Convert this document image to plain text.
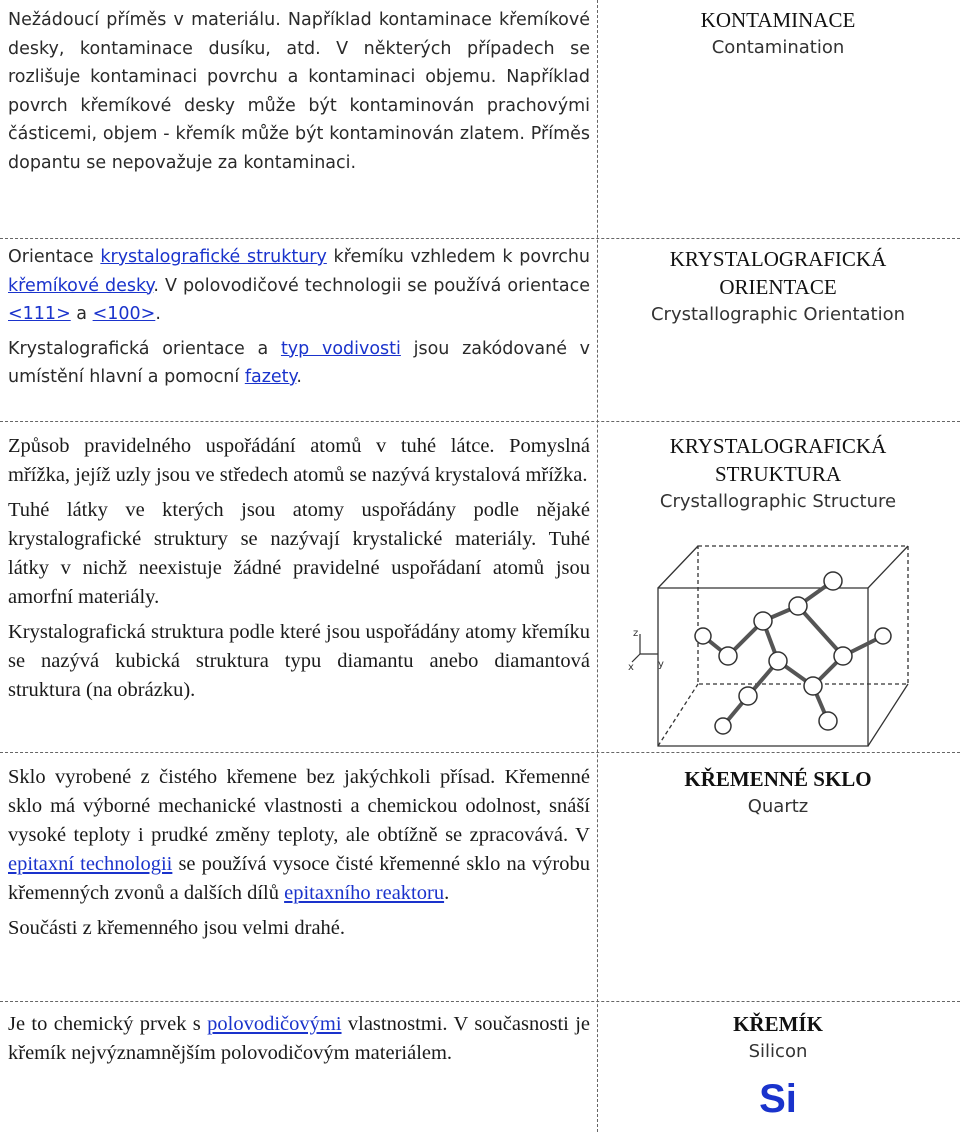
Nežádoucí příměs v materiálu. Například kontaminace křemíkové desky, kontaminace dusíku, atd. V některých případech se rozlišuje kontaminaci povrchu a kontaminaci objemu. Například povrch křemíkové desky může být kontaminován prachovými částicemi, objem - křemík může být kontaminován zlatem. Příměs dopantu se nepovažuje za kontaminaci.

KONTAMINACE
Contamination

Orientace krystalografické struktury křemíku vzhledem k povrchu křemíkové desky. V polovodičové technologii se používá orientace <111> a <100>.

Krystalografická orientace a typ vodivosti jsou zakódované v umístění hlavní a pomocní fazety.

KRYSTALOGRAFICKÁ
ORIENTACE
Crystallographic Orientation

Způsob pravidelného uspořádání atomů v tuhé látce. Pomyslná mřížka, jejíž uzly jsou ve středech atomů se nazývá krystalová mřížka.

Tuhé látky ve kterých jsou atomy uspořádány podle nějaké krystalografické struktury se nazývají krystalické materiály. Tuhé látky v nichž neexistuje žádné pravidelné uspořádaní atomů jsou amorfní materiály.

Krystalografická struktura podle které jsou uspořádány atomy křemíku se nazývá kubická struktura typu diamantu anebo diamantová struktura (na obrázku).

KRYSTALOGRAFICKÁ
STRUKTURA
Crystallographic Structure
z
x y

Sklo vyrobené z čistého křemene bez jakýchkoli přísad. Křemenné sklo má výborné mechanické vlastnosti a chemickou odolnost, snáší vysoké teploty i prudké změny teploty, ale obtížně se zpracovává. V epitaxní technologii se používá vysoce čisté křemenné sklo na výrobu křemenných zvonů a dalších dílů epitaxního reaktoru.

Součásti z křemenného jsou velmi drahé.

KŘEMENNÉ SKLO
Quartz

Je to chemický prvek s polovodičovými vlastnostmi. V současnosti je křemík nejvýznamnějším polovodičovým materiálem.

KŘEMÍK
Silicon
Si
